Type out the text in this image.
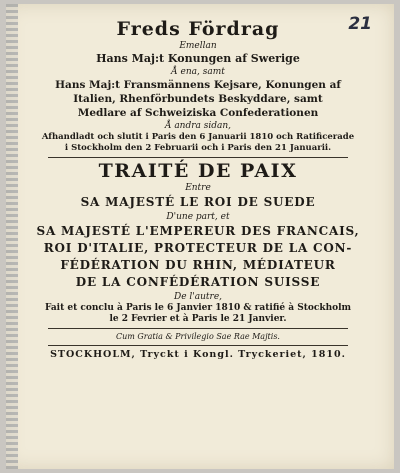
21
Freds Fördrag
Emellan
Hans Maj:t Konungen af Swerige
Å ena, samt
Hans Maj:t Fransmännens Kejsare, Konungen af
Italien, Rhenförbundets Beskyddare, samt
Medlare af Schweiziska Confederationen
Å andra sidan,
Afhandladt och slutit i Paris den 6 Januarii 1810 och Ratificerade
i Stockholm den 2 Februarii och i Paris den 21 Januarii.
TRAITÉ DE PAIX
Entre
SA MAJESTÉ LE ROI DE SUEDE
D'une part, et
SA MAJESTÉ L'EMPEREUR DES FRANCAIS,
ROI D'ITALIE, PROTECTEUR DE LA CON-
FÉDÉRATION DU RHIN, MÉDIATEUR
DE LA CONFÉDÉRATION SUISSE
De l'autre,
Fait et conclu à Paris le 6 Janvier 1810 & ratifié à Stockholm
le 2 Fevrier et à Paris le 21 Janvier.
Cum Gratia & Privilegio Sae Rae Majtis.
STOCKHOLM, Tryckt i Kongl. Tryckeriet, 1810.
